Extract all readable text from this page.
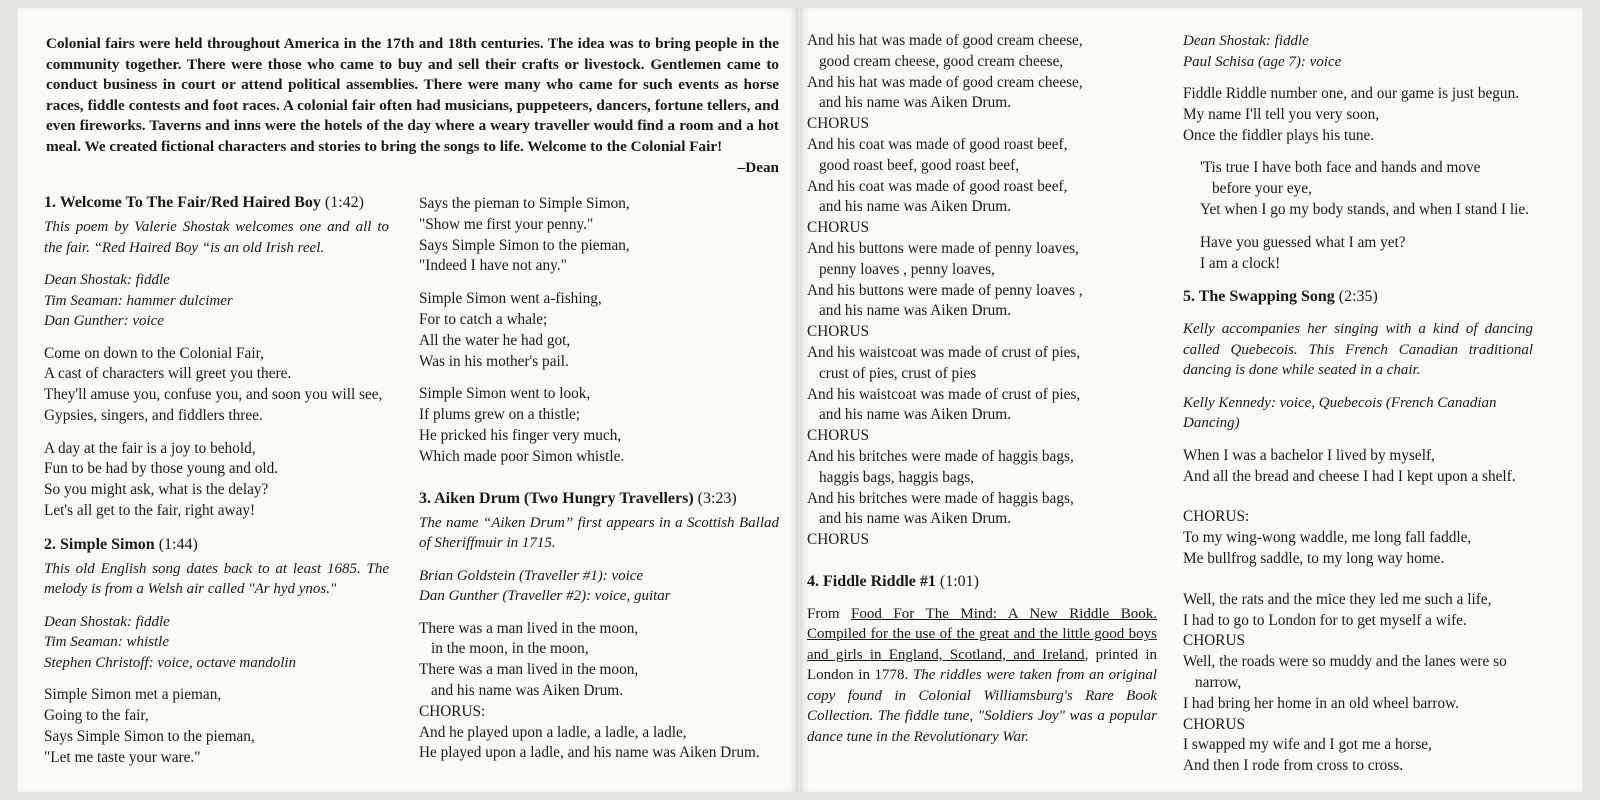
Colonial fairs were held throughout America in the 17th and 18th centuries. The idea was to bring people in the community together. There were those who came to buy and sell their crafts or livestock. Gentlemen came to conduct business in court or attend political assemblies. There were many who came for such events as horse races, fiddle contests and foot races. A colonial fair often had musicians, puppeteers, dancers, fortune tellers, and even fireworks. Taverns and inns were the hotels of the day where a weary traveller would find a room and a hot meal. We created fictional characters and stories to bring the songs to life. Welcome to the Colonial Fair!

–Dean

1. Welcome To The Fair/Red Haired Boy (1:42)

This poem by Valerie Shostak welcomes one and all to the fair. “Red Haired Boy “is an old Irish reel.

Dean Shostak: fiddle
Tim Seaman: hammer dulcimer
Dan Gunther: voice
Come on down to the Colonial Fair,
A cast of characters will greet you there.
They'll amuse you, confuse you, and soon you will see,
Gypsies, singers, and fiddlers three.
A day at the fair is a joy to behold,
Fun to be had by those young and old.
So you might ask, what is the delay?
Let's all get to the fair, right away!
2. Simple Simon (1:44)

This old English song dates back to at least 1685. The melody is from a Welsh air called "Ar hyd ynos."

Dean Shostak: fiddle
Tim Seaman: whistle
Stephen Christoff: voice, octave mandolin
Simple Simon met a pieman,
Going to the fair,
Says Simple Simon to the pieman,
"Let me taste your ware."
Says the pieman to Simple Simon,
"Show me first your penny."
Says Simple Simon to the pieman,
"Indeed I have not any."
Simple Simon went a-fishing,
For to catch a whale;
All the water he had got,
Was in his mother's pail.
Simple Simon went to look,
If plums grew on a thistle;
He pricked his finger very much,
Which made poor Simon whistle.
3. Aiken Drum (Two Hungry Travellers) (3:23)

The name “Aiken Drum” first appears in a Scottish Ballad of Sheriffmuir in 1715.

Brian Goldstein (Traveller #1): voice
Dan Gunther (Traveller #2): voice, guitar
There was a man lived in the moon,
in the moon, in the moon,
There was a man lived in the moon,
and his name was Aiken Drum.
CHORUS:
And he played upon a ladle, a ladle, a ladle,
He played upon a ladle, and his name was Aiken Drum.
And his hat was made of good cream cheese,
good cream cheese, good cream cheese,
And his hat was made of good cream cheese,
and his name was Aiken Drum.
CHORUS
And his coat was made of good roast beef,
good roast beef, good roast beef,
And his coat was made of good roast beef,
and his name was Aiken Drum.
CHORUS
And his buttons were made of penny loaves,
penny loaves , penny loaves,
And his buttons were made of penny loaves ,
and his name was Aiken Drum.
CHORUS
And his waistcoat was made of crust of pies,
crust of pies, crust of pies
And his waistcoat was made of crust of pies,
and his name was Aiken Drum.
CHORUS
And his britches were made of haggis bags,
haggis bags, haggis bags,
And his britches were made of haggis bags,
and his name was Aiken Drum.
CHORUS
4. Fiddle Riddle #1 (1:01)

From Food For The Mind: A New Riddle Book. Compiled for the use of the great and the little good boys and girls in England, Scotland, and Ireland, printed in London in 1778. The riddles were taken from an original copy found in Colonial Williamsburg's Rare Book Collection. The fiddle tune, "Soldiers Joy" was a popular dance tune in the Revolutionary War.

Dean Shostak: fiddle
Paul Schisa (age 7): voice
Fiddle Riddle number one, and our game is just begun.
My name I'll tell you very soon,
Once the fiddler plays his tune.
'Tis true I have both face and hands and move
before your eye,
Yet when I go my body stands, and when I stand I lie.
Have you guessed what I am yet?
I am a clock!
5. The Swapping Song (2:35)

Kelly accompanies her singing with a kind of dancing called Quebecois. This French Canadian traditional dancing is done while seated in a chair.

Kelly Kennedy: voice, Quebecois (French Canadian Dancing)

When I was a bachelor I lived by myself,
And all the bread and cheese I had I kept upon a shelf.
CHORUS:
To my wing-wong waddle, me long fall faddle,
Me bullfrog saddle, to my long way home.
Well, the rats and the mice they led me such a life,
I had to go to London for to get myself a wife.
CHORUS
Well, the roads were so muddy and the lanes were so
narrow,
I had bring her home in an old wheel barrow.
CHORUS
I swapped my wife and I got me a horse,
And then I rode from cross to cross.
